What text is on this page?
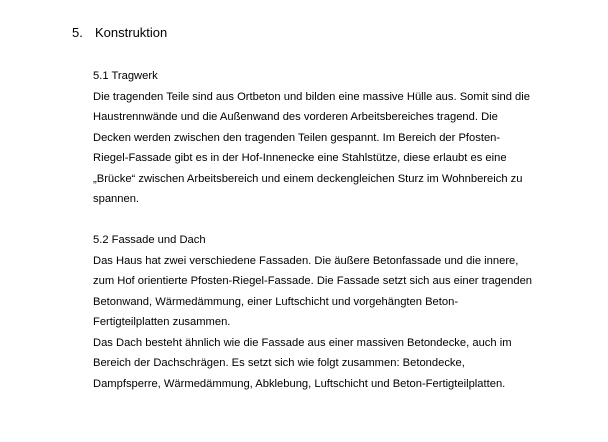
5. Konstruktion
5.1 Tragwerk
Die tragenden Teile sind aus Ortbeton und bilden eine massive Hülle aus. Somit sind die
Haustrennwände und die Außenwand des vorderen Arbeitsbereiches tragend. Die
Decken werden zwischen den tragenden Teilen gespannt. Im Bereich der Pfosten-
Riegel-Fassade gibt es in der Hof-Innenecke eine Stahlstütze, diese erlaubt es eine
„Brücke“ zwischen Arbeitsbereich und einem deckengleichen Sturz im Wohnbereich zu
spannen.
5.2 Fassade und Dach
Das Haus hat zwei verschiedene Fassaden. Die äußere Betonfassade und die innere,
zum Hof orientierte Pfosten-Riegel-Fassade. Die Fassade setzt sich aus einer tragenden
Betonwand, Wärmedämmung, einer Luftschicht und vorgehängten Beton-
Fertigteilplatten zusammen.
Das Dach besteht ähnlich wie die Fassade aus einer massiven Betondecke, auch im
Bereich der Dachschrägen. Es setzt sich wie folgt zusammen: Betondecke,
Dampfsperre, Wärmedämmung, Abklebung, Luftschicht und Beton-Fertigteilplatten.
